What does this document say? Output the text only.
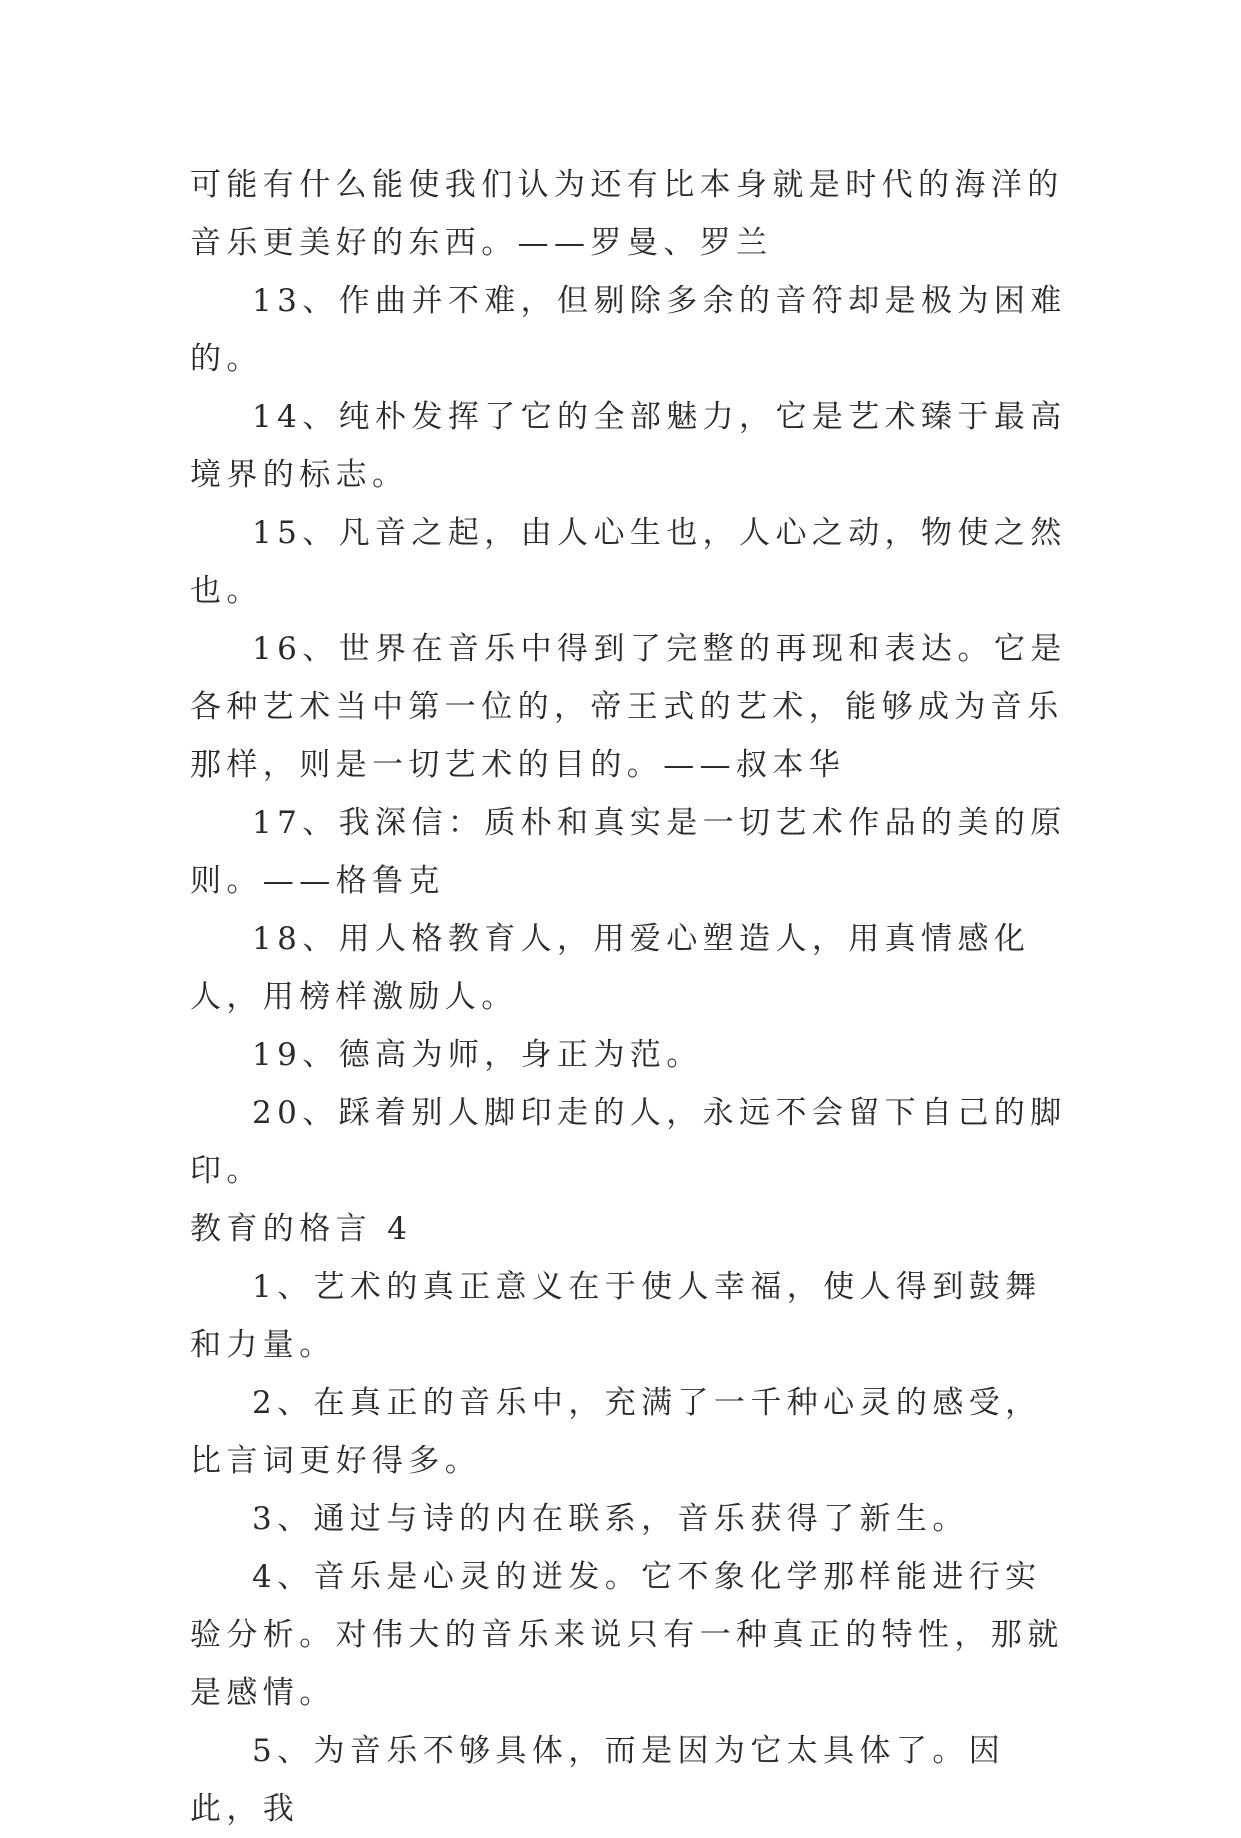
可能有什么能使我们认为还有比本身就是时代的海洋的音乐更美好的东西。——罗曼、罗兰

13、作曲并不难，但剔除多余的音符却是极为困难的。

14、纯朴发挥了它的全部魅力，它是艺术臻于最高境界的标志。

15、凡音之起，由人心生也，人心之动，物使之然也。

16、世界在音乐中得到了完整的再现和表达。它是各种艺术当中第一位的，帝王式的艺术，能够成为音乐那样，则是一切艺术的目的。——叔本华

17、我深信：质朴和真实是一切艺术作品的美的原则。——格鲁克

18、用人格教育人，用爱心塑造人，用真情感化人，用榜样激励人。

19、德高为师，身正为范。

20、踩着别人脚印走的人，永远不会留下自己的脚印。

教育的格言 4

1、艺术的真正意义在于使人幸福，使人得到鼓舞和力量。

2、在真正的音乐中，充满了一千种心灵的感受，比言词更好得多。

3、通过与诗的内在联系，音乐获得了新生。

4、音乐是心灵的迸发。它不象化学那样能进行实验分析。对伟大的音乐来说只有一种真正的特性，那就是感情。

5、为音乐不够具体，而是因为它太具体了。因此，我
